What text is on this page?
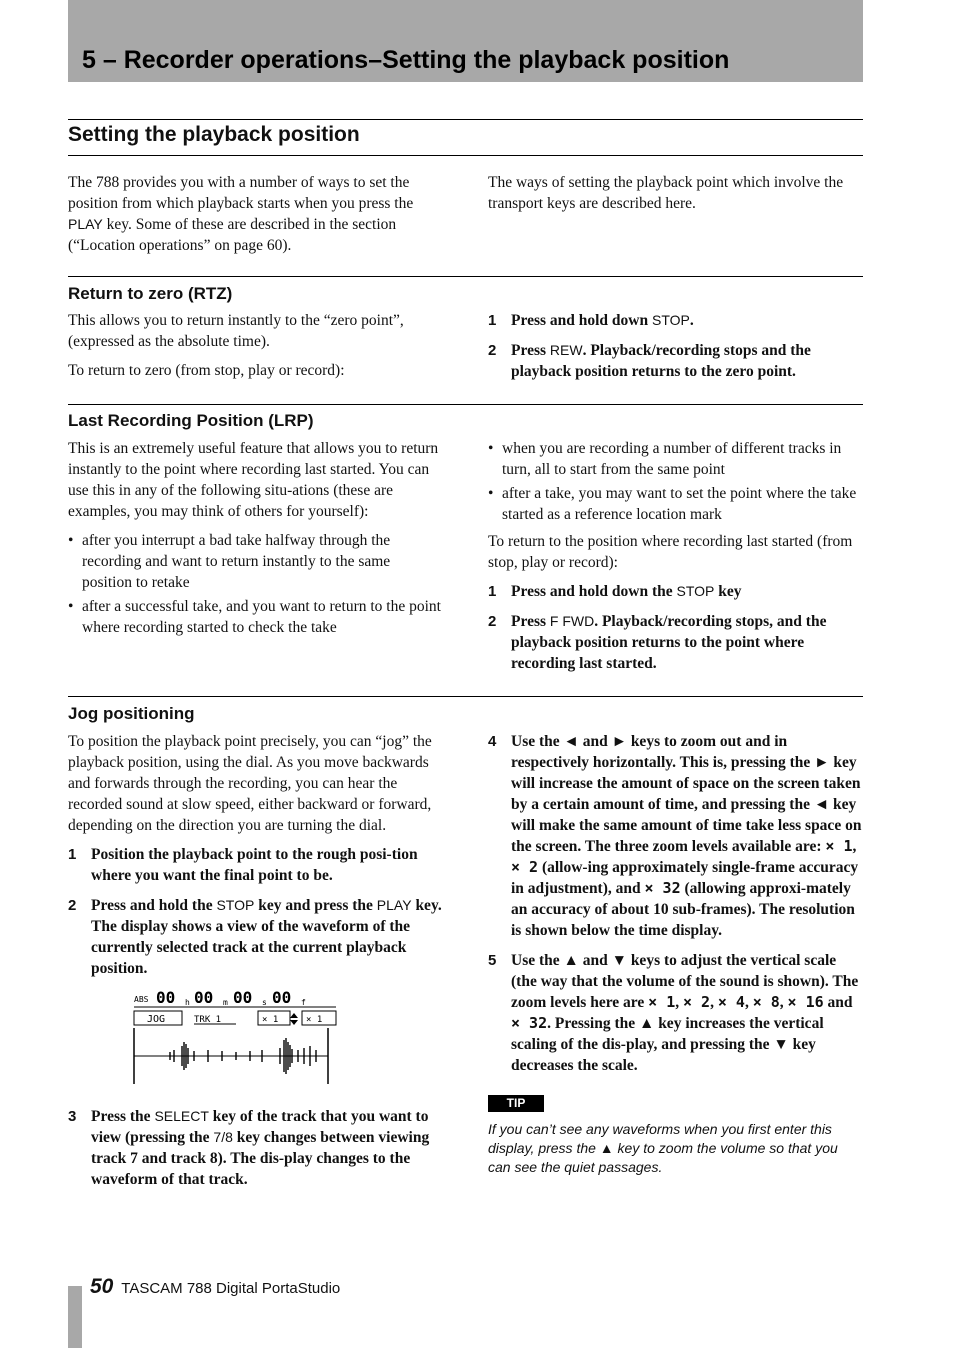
5 – Recorder operations–Setting the playback position
Setting the playback position

The 788 provides you with a number of ways to set the position from which playback starts when you press the PLAY key. Some of these are described in the section (“Location operations” on page 60).

The ways of setting the playback point which involve the transport keys are described here.

Return to zero (RTZ)

This allows you to return instantly to the “zero point”, (expressed as the absolute time).

To return to zero (from stop, play or record):

1 Press and hold down STOP.
2 Press REW. Playback/recording stops and the playback position returns to the zero point.
Last Recording Position (LRP)

This is an extremely useful feature that allows you to return instantly to the point where recording last started. You can use this in any of the following situ-ations (these are examples, you may think of others for yourself):

• after you interrupt a bad take halfway through the recording and want to return instantly to the same position to retake
• after a successful take, and you want to return to the point where recording started to check the take
• when you are recording a number of different tracks in turn, all to start from the same point
• after a take, you may want to set the point where the take started as a reference location mark

To return to the position where recording last started (from stop, play or record):

1 Press and hold down the STOP key
2 Press F FWD. Playback/recording stops, and the playback position returns to the point where recording last started.
Jog positioning

To position the playback point precisely, you can “jog” the playback position, using the dial. As you move backwards and forwards through the recording, you can hear the recorded sound at slow speed, either backward or forward, depending on the direction you are turning the dial.

1 Position the playback point to the rough posi-tion where you want the final point to be.
2 Press and hold the STOP key and press the PLAY key. The display shows a view of the waveform of the currently selected track at the current playback position.
ABS 00 h 00 m 00 s 00 f
JOG	TRK 1	× 1	× 1
3 Press the SELECT key of the track that you want to view (pressing the 7/8 key changes between viewing track 7 and track 8). The dis-play changes to the waveform of that track.
4 Use the ◄ and ► keys to zoom out and in respectively horizontally. This is, pressing the ► key will increase the amount of space on the screen taken by a certain amount of time, and pressing the ◄ key will make the same amount of time take less space on the screen. The three zoom levels available are: × 1, × 2 (allow-ing approximately single-frame accuracy in adjustment), and × 32 (allowing approxi-mately an accuracy of about 10 sub-frames). The resolution is shown below the time display.
5 Use the ▲ and ▼ keys to adjust the vertical scale (the way that the volume of the sound is shown). The zoom levels here are × 1, × 2, × 4, × 8, × 16 and × 32. Pressing the ▲ key increases the vertical scaling of the dis-play, and pressing the ▼ key decreases the scale.
TIP
If you can’t see any waveforms when you first enter this display, press the ▲ key to zoom the volume so that you can see the quiet passages.
50 TASCAM 788 Digital PortaStudio
